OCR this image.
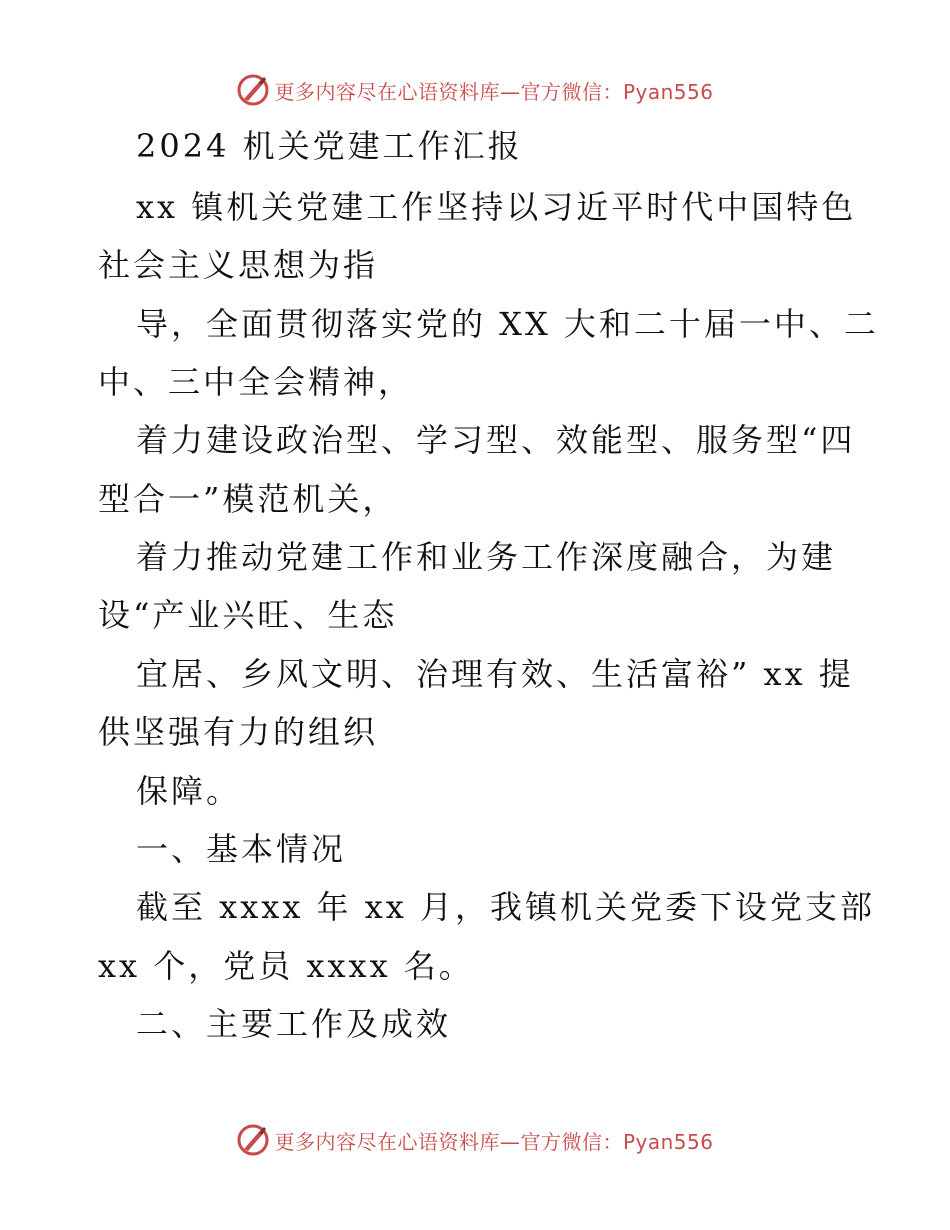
更多内容尽在心语资料库—官方微信：Pyan556
2024 机关党建工作汇报
xx 镇机关党建工作坚持以习近平时代中国特色
社会主义思想为指
导，全面贯彻落实党的 XX 大和二十届一中、二
中、三中全会精神，
着力建设政治型、学习型、效能型、服务型“四
型合一”模范机关，
着力推动党建工作和业务工作深度融合，为建
设“产业兴旺、生态
宜居、乡风文明、治理有效、生活富裕” xx 提
供坚强有力的组织
保障。
一、基本情况
截至 xxxx 年 xx 月，我镇机关党委下设党支部
xx 个，党员 xxxx 名。
二、主要工作及成效
更多内容尽在心语资料库—官方微信：Pyan556
